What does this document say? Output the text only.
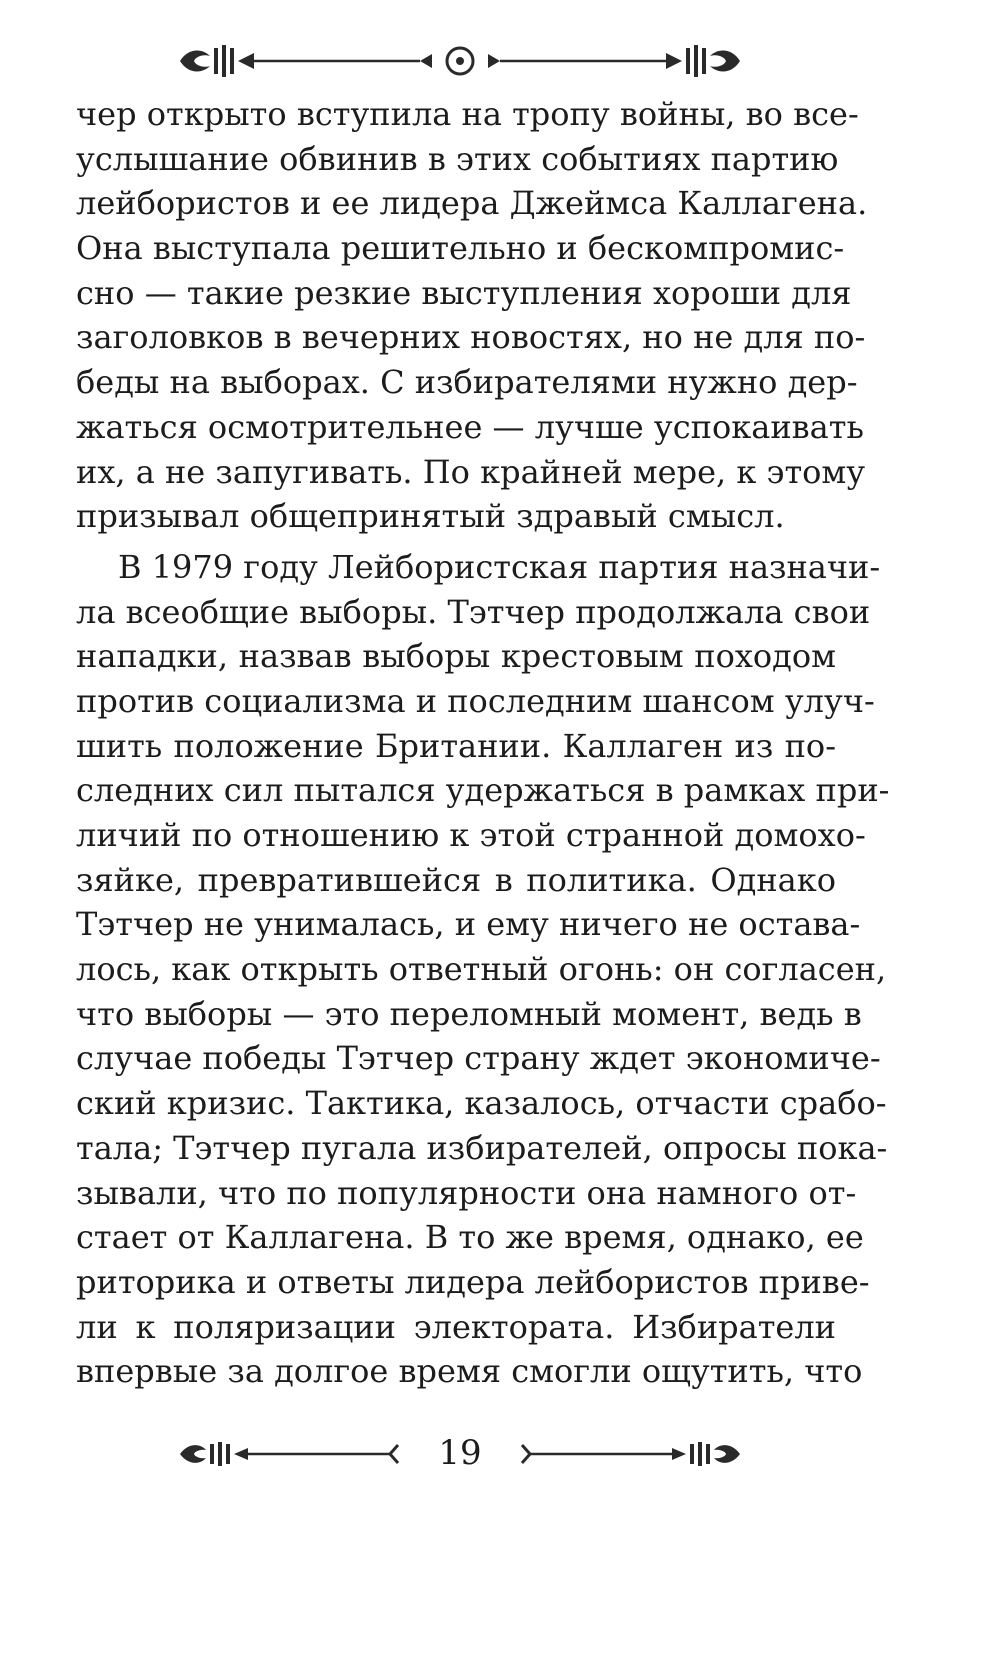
чер открыто вступила на тропу войны, во все-
услышание обвинив в этих событиях партию
лейбористов и ее лидера Джеймса Каллагена.
Она выступала решительно и бескомпромис-
сно — такие резкие выступления хороши для
заголовков в вечерних новостях, но не для по-
беды на выборах. С избирателями нужно дер-
жаться осмотрительнее — лучше успокаивать
их, а не запугивать. По крайней мере, к этому
призывал общепринятый здравый смысл.
В 1979 году Лейбористская партия назначи-
ла всеобщие выборы. Тэтчер продолжала свои
нападки, назвав выборы крестовым походом
против социализма и последним шансом улуч-
шить положение Британии. Каллаген из по-
следних сил пытался удержаться в рамках при-
личий по отношению к этой странной домохо-
зяйке, превратившейся в политика. Однако
Тэтчер не унималась, и ему ничего не остава-
лось, как открыть ответный огонь: он согласен,
что выборы — это переломный момент, ведь в
случае победы Тэтчер страну ждет экономиче-
ский кризис. Тактика, казалось, отчасти срабо-
тала; Тэтчер пугала избирателей, опросы пока-
зывали, что по популярности она намного от-
стает от Каллагена. В то же время, однако, ее
риторика и ответы лидера лейбористов приве-
ли к поляризации электората. Избиратели
впервые за долгое время смогли ощутить, что
19
